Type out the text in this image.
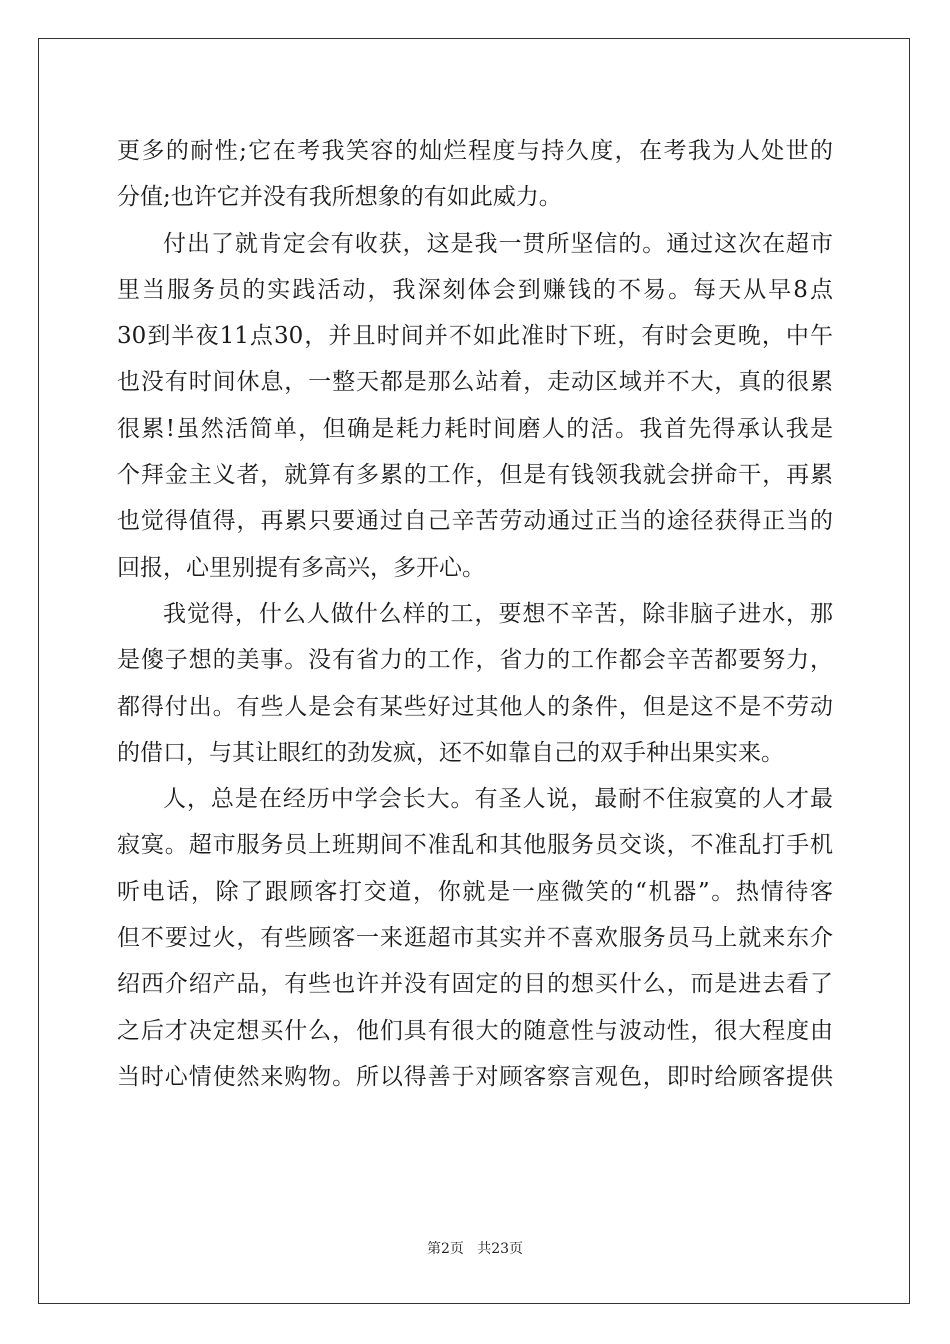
更多的耐性;它在考我笑容的灿烂程度与持久度，在考我为人处世的
分值;也许它并没有我所想象的有如此威力。
付出了就肯定会有收获，这是我一贯所坚信的。通过这次在超市
里当服务员的实践活动，我深刻体会到赚钱的不易。每天从早8点
30到半夜11点30，并且时间并不如此准时下班，有时会更晚，中午
也没有时间休息，一整天都是那么站着，走动区域并不大，真的很累
很累!虽然活简单，但确是耗力耗时间磨人的活。我首先得承认我是
个拜金主义者，就算有多累的工作，但是有钱领我就会拼命干，再累
也觉得值得，再累只要通过自己辛苦劳动通过正当的途径获得正当的
回报，心里别提有多高兴，多开心。
我觉得，什么人做什么样的工，要想不辛苦，除非脑子进水，那
是傻子想的美事。没有省力的工作，省力的工作都会辛苦都要努力，
都得付出。有些人是会有某些好过其他人的条件，但是这不是不劳动
的借口，与其让眼红的劲发疯，还不如靠自己的双手种出果实来。
人，总是在经历中学会长大。有圣人说，最耐不住寂寞的人才最
寂寞。超市服务员上班期间不准乱和其他服务员交谈，不准乱打手机
听电话，除了跟顾客打交道，你就是一座微笑的“机器”。热情待客
但不要过火，有些顾客一来逛超市其实并不喜欢服务员马上就来东介
绍西介绍产品，有些也许并没有固定的目的想买什么，而是进去看了
之后才决定想买什么，他们具有很大的随意性与波动性，很大程度由
当时心情使然来购物。所以得善于对顾客察言观色，即时给顾客提供
第2页   共23页
